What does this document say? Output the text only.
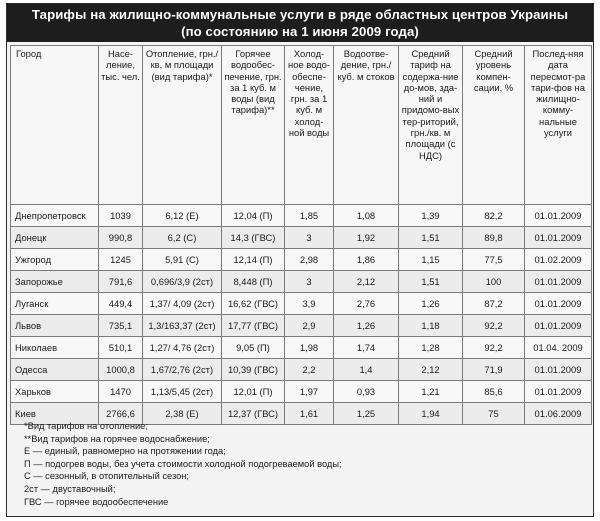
Тарифы на жилищно-коммунальные услуги в ряде областных центров Украины
(по состоянию на 1 июня 2009 года)
Город	Насе-ление, тыс. чел.	Отопление, грн./кв. м площади (вид тарифа)*	Горячее водообес-печение, грн. за 1 куб. м воды (вид тарифа)**	Холод-ное водо-обеспе-чение, грн. за 1 куб. м холод-ной воды	Водоотве-дение, грн./куб. м стоков	Средний тариф на содержа-ние до-мов, зда-ний и придомо-вых тер-риторий, грн./кв. м площади (с НДС)	Средний уровень компен-сации, %	Послед-няя дата пересмот-ра тари-фов на жилищно-комму-нальные услуги
Днепропетровск	1039	6,12 (Е)	12,04 (П)	1,85	1,08	1,39	82,2	01.01.2009
Донецк	990,8	6,2 (С)	14,3 (ГВС)	3	1,92	1,51	89,8	01.01.2009
Ужгород	1245	5,91 (С)	12,14 (П)	2,98	1,86	1,15	77,5	01.02.2009
Запорожье	791,6	0,696/3,9 (2ст)	8,448 (П)	3	2,12	1,51	100	01.01.2009
Луганск	449,4	1,37/ 4,09 (2ст)	16,62 (ГВС)	3,9	2,76	1,26	87,2	01.01.2009
Львов	735,1	1,3/163,37 (2ст)	17,77 (ГВС)	2,9	1,26	1,18	92,2	01.01.2009
Николаев	510,1	1,27/ 4,76 (2ст)	9,05 (П)	1,98	1,74	1,28	92,2	01.04. 2009
Одесса	1000,8	1,67/2,76 (2ст)	10,39 (ГВС)	2,2	1,4	2,12	71,9	01.01.2009
Харьков	1470	1,13/5,45 (2ст)	12,01 (П)	1,97	0,93	1,21	85,6	01.01.2009
Киев	2766,6	2,38 (Е)	12,37 (ГВС)	1,61	1,25	1,94	75	01.06.2009
*Вид тарифов на отопление;
**Вид тарифов на горячее водоснабжение;
Е — единый, равномерно на протяжении года;
П — подогрев воды, без учета стоимости холодной подогреваемой воды;
С — сезонный, в отопительный сезон;
2ст — двуставочный;
ГВС — горячее водообеспечение
